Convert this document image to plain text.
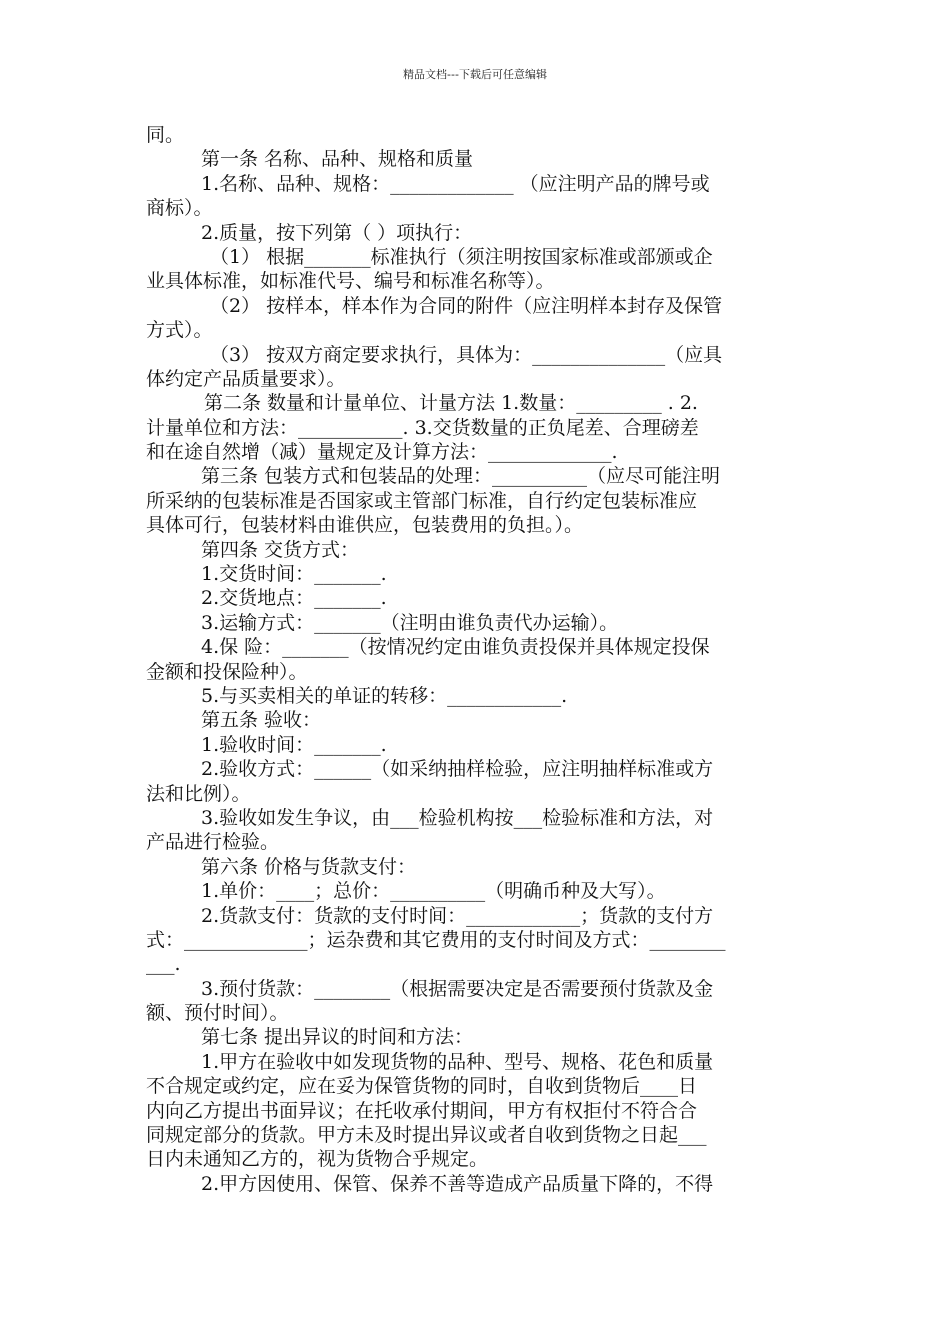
精品文档---下载后可任意编辑
同。
第一条 名称、品种、规格和质量
1.名称、品种、规格：_____________ （应注明产品的牌号或
商标）。
2.质量，按下列第（ ）项执行：
（1） 根据_______标准执行（须注明按国家标准或部颁或企
业具体标准，如标准代号、编号和标准名称等）。
（2） 按样本，样本作为合同的附件（应注明样本封存及保管
方式）。
（3） 按双方商定要求执行，具体为：______________（应具
体约定产品质量要求）。
第二条 数量和计量单位、计量方法 1.数量：_________ . 2.
计量单位和方法：___________. 3.交货数量的正负尾差、合理磅差
和在途自然增（减）量规定及计算方法：_____________.
第三条 包装方式和包装品的处理：__________（应尽可能注明
所采纳的包装标准是否国家或主管部门标准，自行约定包装标准应
具体可行，包装材料由谁供应，包装费用的负担。）。
第四条 交货方式：
1.交货时间：_______.
2.交货地点：_______.
3.运输方式：_______（注明由谁负责代办运输）。
4.保 险：_______（按情况约定由谁负责投保并具体规定投保
金额和投保险种）。
5.与买卖相关的单证的转移：____________.
第五条 验收：
1.验收时间：_______.
2.验收方式：______（如采纳抽样检验，应注明抽样标准或方
法和比例）。
3.验收如发生争议，由___检验机构按___检验标准和方法，对
产品进行检验。
第六条 价格与货款支付：
1.单价：____；总价：__________（明确币种及大写）。
2.货款支付：货款的支付时间：____________；货款的支付方
式：_____________；运杂费和其它费用的支付时间及方式：________
___.
3.预付货款：________（根据需要决定是否需要预付货款及金
额、预付时间）。
第七条 提出异议的时间和方法：
1.甲方在验收中如发现货物的品种、型号、规格、花色和质量
不合规定或约定，应在妥为保管货物的同时，自收到货物后____日
内向乙方提出书面异议；在托收承付期间，甲方有权拒付不符合合
同规定部分的货款。甲方未及时提出异议或者自收到货物之日起___
日内未通知乙方的，视为货物合乎规定。
2.甲方因使用、保管、保养不善等造成产品质量下降的，不得
